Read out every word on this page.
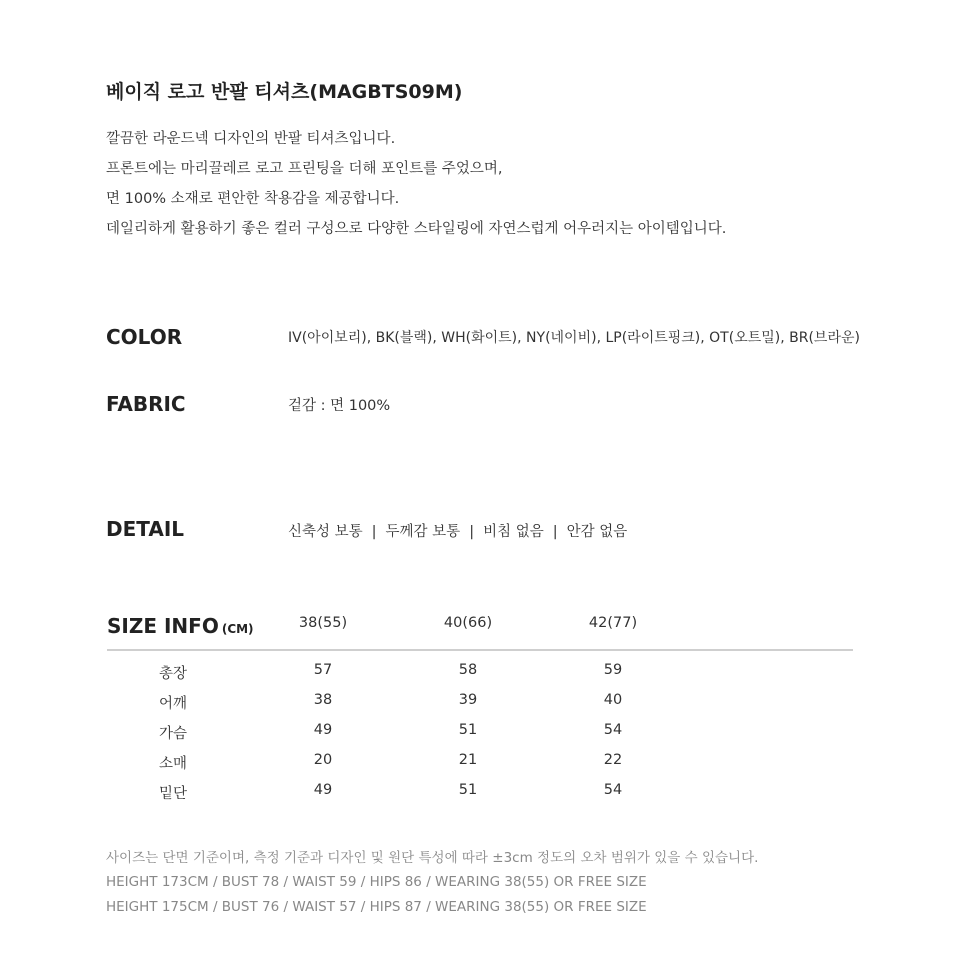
베이직 로고 반팔 티셔츠(MAGBTS09M)
깔끔한 라운드넥 디자인의 반팔 티셔츠입니다.
프론트에는 마리끌레르 로고 프린팅을 더해 포인트를 주었으며,
면 100% 소재로 편안한 착용감을 제공합니다.
데일리하게 활용하기 좋은 컬러 구성으로 다양한 스타일링에 자연스럽게 어우러지는 아이템입니다.
COLOR	IV(아이보리), BK(블랙), WH(화이트), NY(네이비), LP(라이트핑크), OT(오트밀), BR(브라운)
FABRIC	겉감 : 면 100%
DETAIL	신축성 보통 | 두께감 보통 | 비침 없음 | 안감 없음
SIZE INFO (CM)	38(55)	40(66)	42(77)
총장	57	58	59
어깨	38	39	40
가슴	49	51	54
소매	20	21	22
밑단	49	51	54
사이즈는 단면 기준이며, 측정 기준과 디자인 및 원단 특성에 따라 ±3cm 정도의 오차 범위가 있을 수 있습니다.
HEIGHT 173CM / BUST 78 / WAIST 59 / HIPS 86 / WEARING 38(55) OR FREE SIZE
HEIGHT 175CM / BUST 76 / WAIST 57 / HIPS 87 / WEARING 38(55) OR FREE SIZE
